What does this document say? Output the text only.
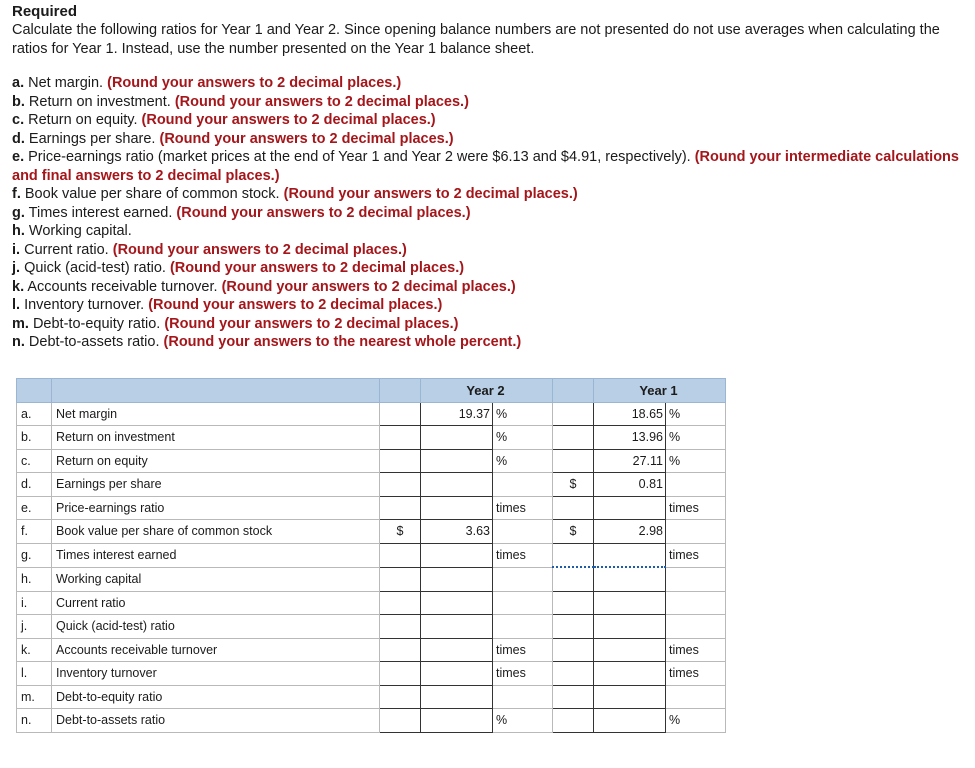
Required
Calculate the following ratios for Year 1 and Year 2. Since opening balance numbers are not presented do not use averages when calculating the ratios for Year 1. Instead, use the number presented on the Year 1 balance sheet.

a. Net margin. (Round your answers to 2 decimal places.)

b. Return on investment. (Round your answers to 2 decimal places.)

c. Return on equity. (Round your answers to 2 decimal places.)

d. Earnings per share. (Round your answers to 2 decimal places.)

e. Price-earnings ratio (market prices at the end of Year 1 and Year 2 were $6.13 and $4.91, respectively). (Round your intermediate calculations and final answers to 2 decimal places.)

f. Book value per share of common stock. (Round your answers to 2 decimal places.)

g. Times interest earned. (Round your answers to 2 decimal places.)

h. Working capital.

i. Current ratio. (Round your answers to 2 decimal places.)

j. Quick (acid-test) ratio. (Round your answers to 2 decimal places.)

k. Accounts receivable turnover. (Round your answers to 2 decimal places.)

l. Inventory turnover. (Round your answers to 2 decimal places.)

m. Debt-to-equity ratio. (Round your answers to 2 decimal places.)

n. Debt-to-assets ratio. (Round your answers to the nearest whole percent.)

			Year 2			Year 1	
a.	Net margin		19.37	%		18.65	%
b.	Return on investment			%		13.96	%
c.	Return on equity			%		27.11	%
d.	Earnings per share				$	0.81	
e.	Price-earnings ratio			times			times
f.	Book value per share of common stock	$	3.63		$	2.98	
g.	Times interest earned			times			times
h.	Working capital						
i.	Current ratio						
j.	Quick (acid-test) ratio						
k.	Accounts receivable turnover			times			times
l.	Inventory turnover			times			times
m.	Debt-to-equity ratio						
n.	Debt-to-assets ratio			%			%
